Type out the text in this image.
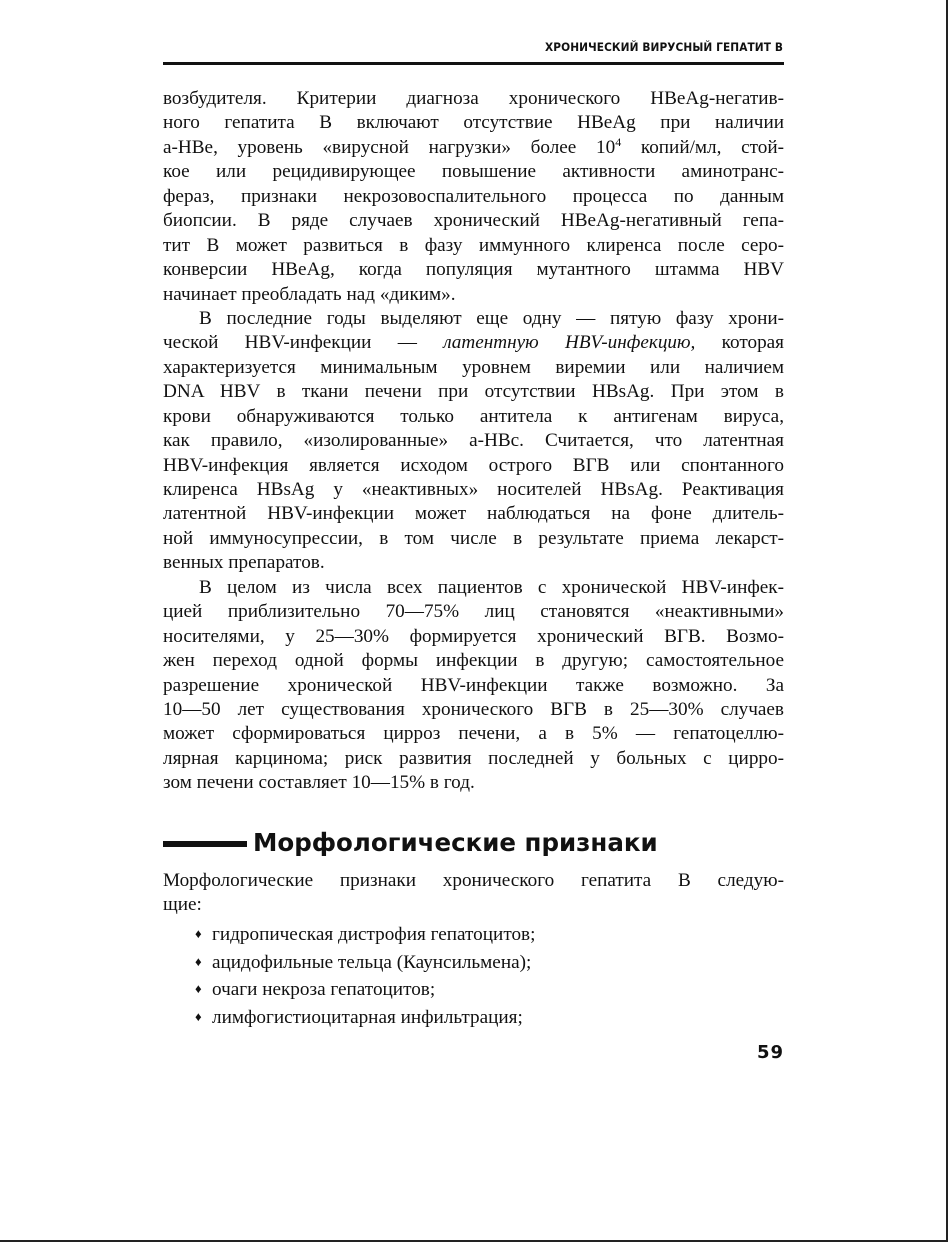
ХРОНИЧЕСКИЙ ВИРУСНЫЙ ГЕПАТИТ В
возбудителя. Критерии диагноза хронического HBeAg-негатив-
ного гепатита В включают отсутствие HBeAg при наличии
a-HBe, уровень «вирусной нагрузки» более $10^4$ копий/мл, стой-
кое или рецидивирующее повышение активности аминотранс-
фераз, признаки некрозовоспалительного процесса по данным
биопсии. В ряде случаев хронический HBeAg-негативный гепа-
тит В может развиться в фазу иммунного клиренса после серо-
конверсии HBeAg, когда популяция мутантного штамма HBV
начинает преобладать над «диким».
В последние годы выделяют еще одну — пятую фазу хрони-
ческой HBV-инфекции — латентную HBV-инфекцию, которая
характеризуется минимальным уровнем виремии или наличием
DNA HBV в ткани печени при отсутствии HBsAg. При этом в
крови обнаруживаются только антитела к антигенам вируса,
как правило, «изолированные» a-HBc. Считается, что латентная
HBV-инфекция является исходом острого ВГВ или спонтанного
клиренса HBsAg у «неактивных» носителей HBsAg. Реактивация
латентной HBV-инфекции может наблюдаться на фоне длитель-
ной иммуносупрессии, в том числе в результате приема лекарст-
венных препаратов.
В целом из числа всех пациентов с хронической HBV-инфек-
цией приблизительно 70—75% лиц становятся «неактивными»
носителями, у 25—30% формируется хронический ВГВ. Возмо-
жен переход одной формы инфекции в другую; самостоятельное
разрешение хронической HBV-инфекции также возможно. За
10—50 лет существования хронического ВГВ в 25—30% случаев
может сформироваться цирроз печени, а в 5% — гепатоцеллю-
лярная карцинома; риск развития последней у больных с цирро-
зом печени составляет 10—15% в год.
Морфологические признаки
Морфологические признаки хронического гепатита В следую-
щие:
♦ гидропическая дистрофия гепатоцитов;
♦ ацидофильные тельца (Каунсильмена);
♦ очаги некроза гепатоцитов;
♦ лимфогистиоцитарная инфильтрация;
59
